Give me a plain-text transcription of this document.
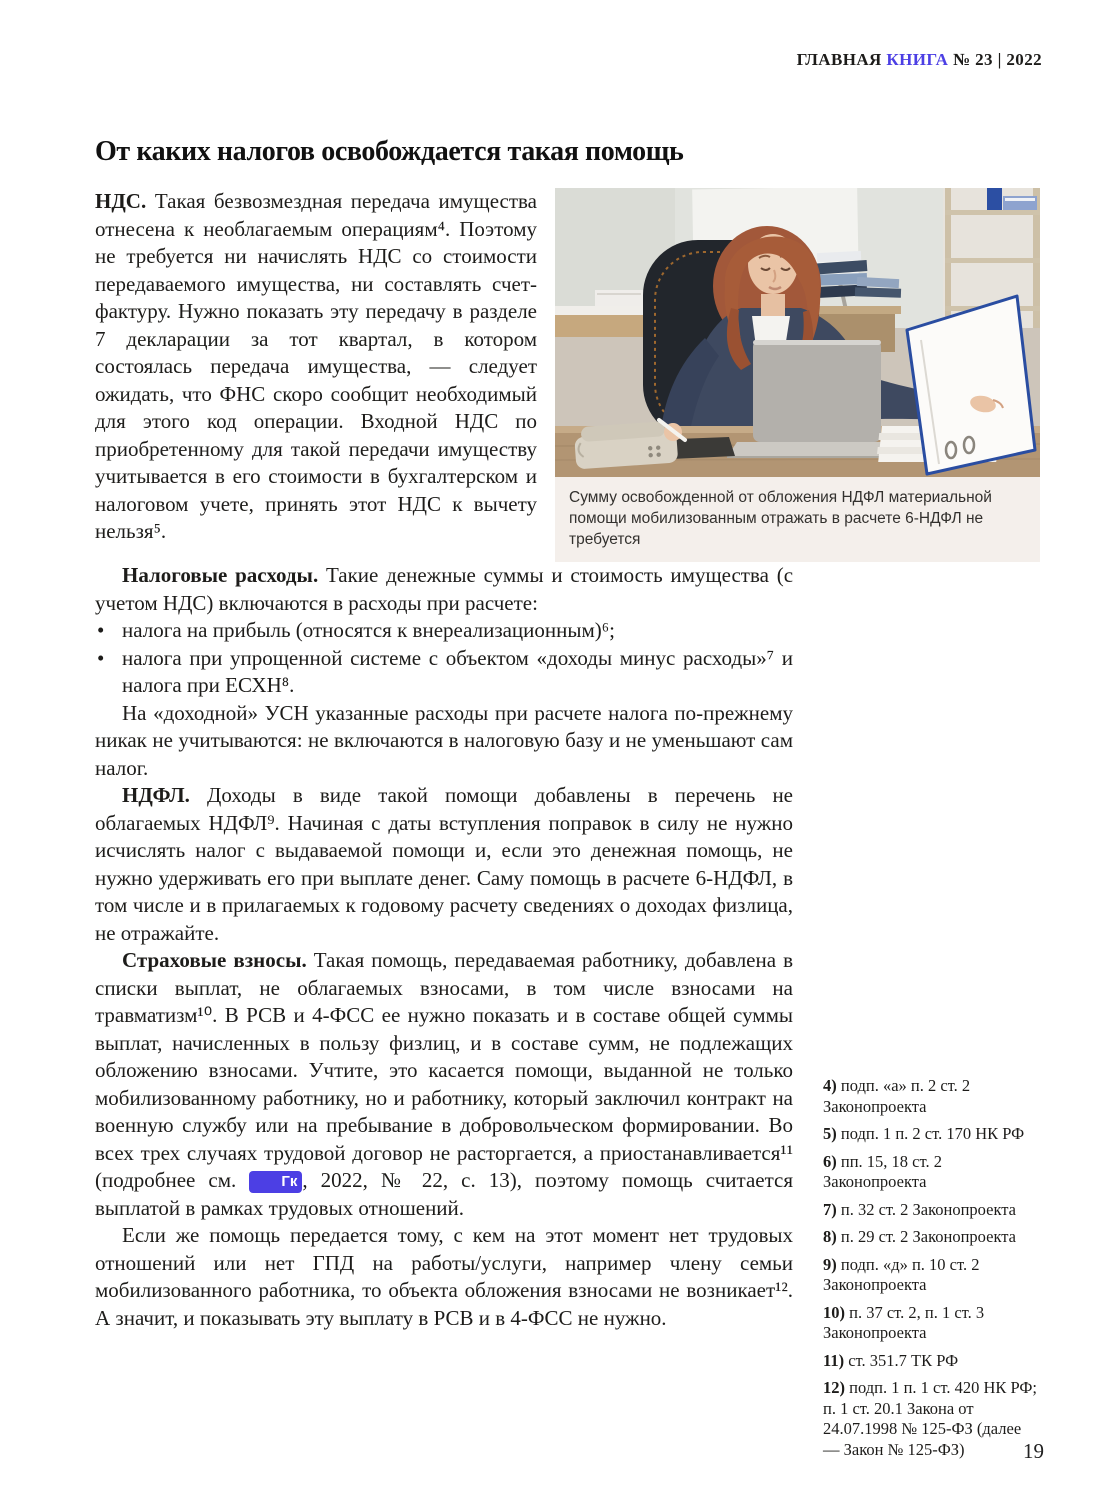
ГЛАВНАЯ КНИГА № 23 | 2022
От каких налогов освобождается такая помощь

НДС. Такая безвозмездная передача имущества отнесена к необлагаемым операциям⁴. Поэтому не требуется ни начислять НДС со стоимости передаваемого имущества, ни составлять счет-фактуру. Нужно показать эту передачу в разделе 7 декларации за тот квартал, в котором состоялась передача имущества, — следует ожидать, что ФНС скоро сообщит необходимый для этого код операции. Входной НДС по приобретенному для такой передачи имуществу учитывается в его стоимости в бухгалтерском и налоговом учете, принять этот НДС к вычету нельзя⁵.

Сумму освобожденной от обложения НДФЛ материальной помощи мобилизованным отражать в расчете 6-НДФЛ не требуется

Налоговые расходы. Такие денежные суммы и стоимость имущества (с учетом НДС) включаются в расходы при расчете:

• налога на прибыль (относятся к внереализационным)⁶;
• налога при упрощенной системе с объектом «доходы минус расходы»⁷ и налога при ЕСХН⁸.

На «доходной» УСН указанные расходы при расчете налога по-прежнему никак не учитываются: не включаются в налоговую базу и не уменьшают сам налог.

НДФЛ. Доходы в виде такой помощи добавлены в перечень не облагаемых НДФЛ⁹. Начиная с даты вступления поправок в силу не нужно исчислять налог с выдаваемой помощи и, если это денежная помощь, не нужно удерживать его при выплате денег. Саму помощь в расчете 6-НДФЛ, в том числе и в прилагаемых к годовому расчету сведениях о доходах физлица, не отражайте.

Страховые взносы. Такая помощь, передаваемая работнику, добавлена в списки выплат, не облагаемых взносами, в том числе взносами на травматизм¹⁰. В РСВ и 4-ФСС ее нужно показать и в составе общей суммы выплат, начисленных в пользу физлиц, и в составе сумм, не подлежащих обложению взносами. Учтите, это касается помощи, выданной не только мобилизованному работнику, но и работнику, который заключил контракт на военную службу или на пребывание в добровольческом формировании. Во всех трех случаях трудовой договор не расторгается, а приостанавливается¹¹ (подробнее см. Гк , 2022, № 22, с. 13), поэтому помощь считается выплатой в рамках трудовых отношений.

Если же помощь передается тому, с кем на этот момент нет трудовых отношений или нет ГПД на работы/услуги, например члену семьи мобилизованного работника, то объекта обложения взносами не возникает¹². А значит, и показывать эту выплату в РСВ и в 4-ФСС не нужно.

4) подп. «а» п. 2 ст. 2 Законопроекта
5) подп. 1 п. 2 ст. 170 НК РФ
6) пп. 15, 18 ст. 2 Законопроекта
7) п. 32 ст. 2 Законопроекта
8) п. 29 ст. 2 Законопроекта
9) подп. «д» п. 10 ст. 2 Законопроекта
10) п. 37 ст. 2, п. 1 ст. 3 Законопроекта
11) ст. 351.7 ТК РФ
12) подп. 1 п. 1 ст. 420 НК РФ; п. 1 ст. 20.1 Закона от 24.07.1998 № 125-ФЗ (далее — Закон № 125-ФЗ)	19
